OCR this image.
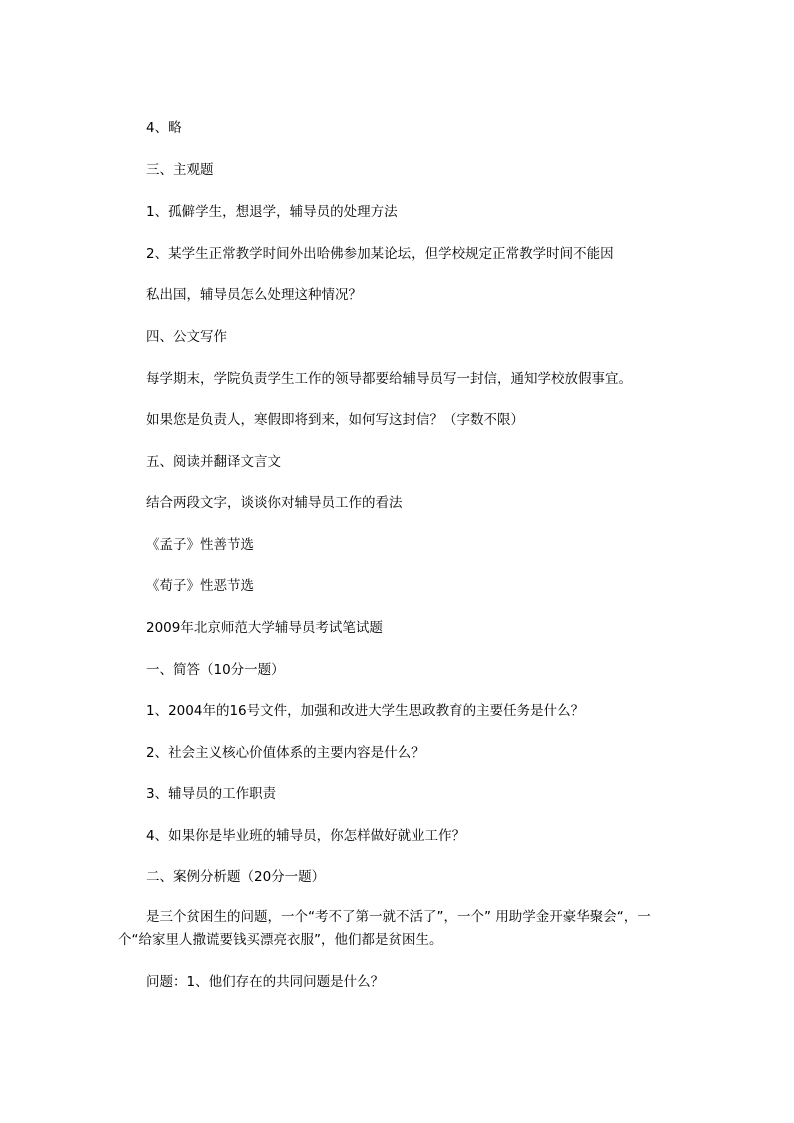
4、略
三、主观题
1、孤僻学生，想退学，辅导员的处理方法
2、某学生正常教学时间外出哈佛参加某论坛，但学校规定正常教学时间不能因
私出国，辅导员怎么处理这种情况？
四、公文写作
每学期末，学院负责学生工作的领导都要给辅导员写一封信，通知学校放假事宜。
如果您是负责人，寒假即将到来，如何写这封信？（字数不限）
五、阅读并翻译文言文
结合两段文字，谈谈你对辅导员工作的看法
《孟子》性善节选
《荀子》性恶节选
2009年北京师范大学辅导员考试笔试题
一、简答（10分一题）
1、2004年的16号文件，加强和改进大学生思政教育的主要任务是什么？
2、社会主义核心价值体系的主要内容是什么？
3、辅导员的工作职责
4、如果你是毕业班的辅导员，你怎样做好就业工作？
二、案例分析题（20分一题）
是三个贫困生的问题，一个“考不了第一就不活了”，一个” 用助学金开豪华聚会“，一个“给家里人撒谎要钱买漂亮衣服”，他们都是贫困生。
问题：1、他们存在的共同问题是什么？
